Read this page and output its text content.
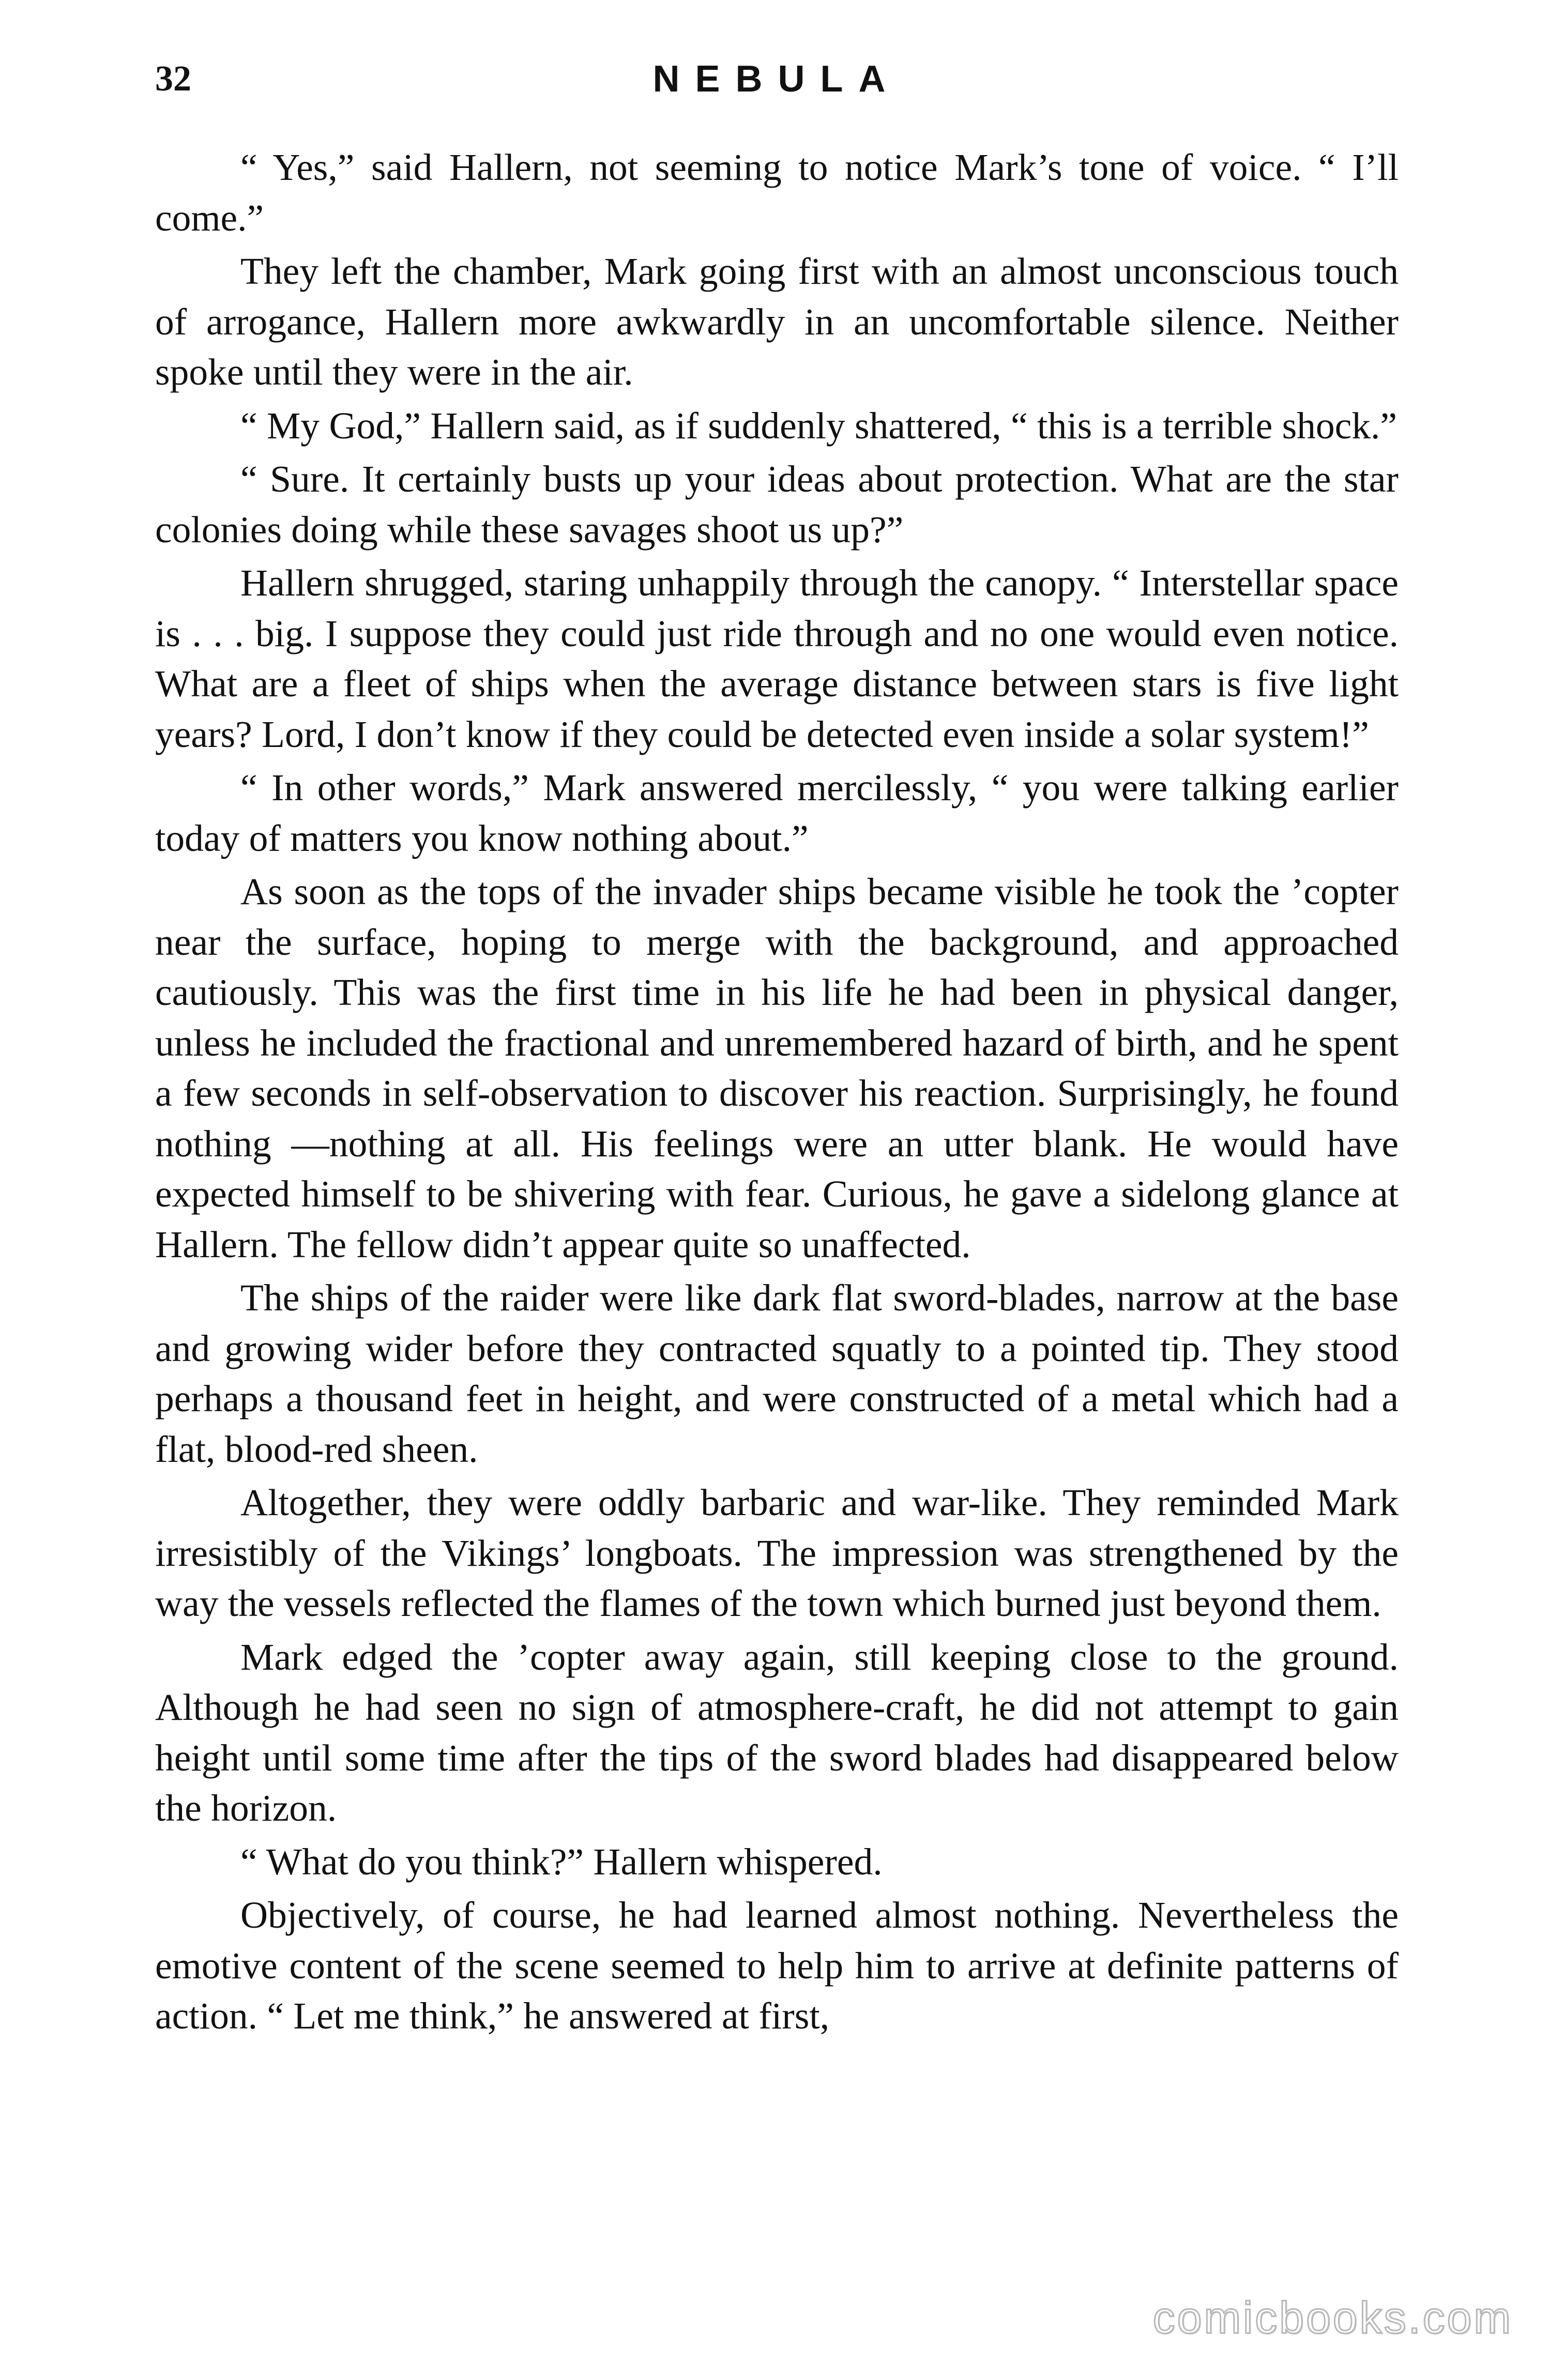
32	NEBULA

“ Yes,” said Hallern, not seeming to notice Mark’s tone of voice. “ I’ll come.”

They left the chamber, Mark going first with an almost unconscious touch of arrogance, Hallern more awkwardly in an uncomfortable silence. Neither spoke until they were in the air.

“ My God,” Hallern said, as if suddenly shattered, “ this is a terrible shock.”

“ Sure. It certainly busts up your ideas about protection. What are the star colonies doing while these savages shoot us up?”

Hallern shrugged, staring unhappily through the canopy. “ Interstellar space is . . . big. I suppose they could just ride through and no one would even notice. What are a fleet of ships when the average distance between stars is five light years? Lord, I don’t know if they could be detected even inside a solar system!”

“ In other words,” Mark answered mercilessly, “ you were talking earlier today of matters you know nothing about.”

As soon as the tops of the invader ships became visible he took the ’copter near the surface, hoping to merge with the background, and approached cautiously. This was the first time in his life he had been in physical danger, unless he included the fractional and unremembered hazard of birth, and he spent a few seconds in self-observation to discover his reaction. Surprisingly, he found nothing —nothing at all. His feelings were an utter blank. He would have expected himself to be shivering with fear. Curious, he gave a sidelong glance at Hallern. The fellow didn’t appear quite so unaffected.

The ships of the raider were like dark flat sword-blades, narrow at the base and growing wider before they contracted squatly to a pointed tip. They stood perhaps a thousand feet in height, and were constructed of a metal which had a flat, blood-red sheen.

Altogether, they were oddly barbaric and war-like. They reminded Mark irresistibly of the Vikings’ longboats. The impression was strengthened by the way the vessels reflected the flames of the town which burned just beyond them.

Mark edged the ’copter away again, still keeping close to the ground. Although he had seen no sign of atmosphere-craft, he did not attempt to gain height until some time after the tips of the sword blades had disappeared below the horizon.

“ What do you think?” Hallern whispered.

Objectively, of course, he had learned almost nothing. Nevertheless the emotive content of the scene seemed to help him to arrive at definite patterns of action. “ Let me think,” he answered at first,

comicbooks.com
